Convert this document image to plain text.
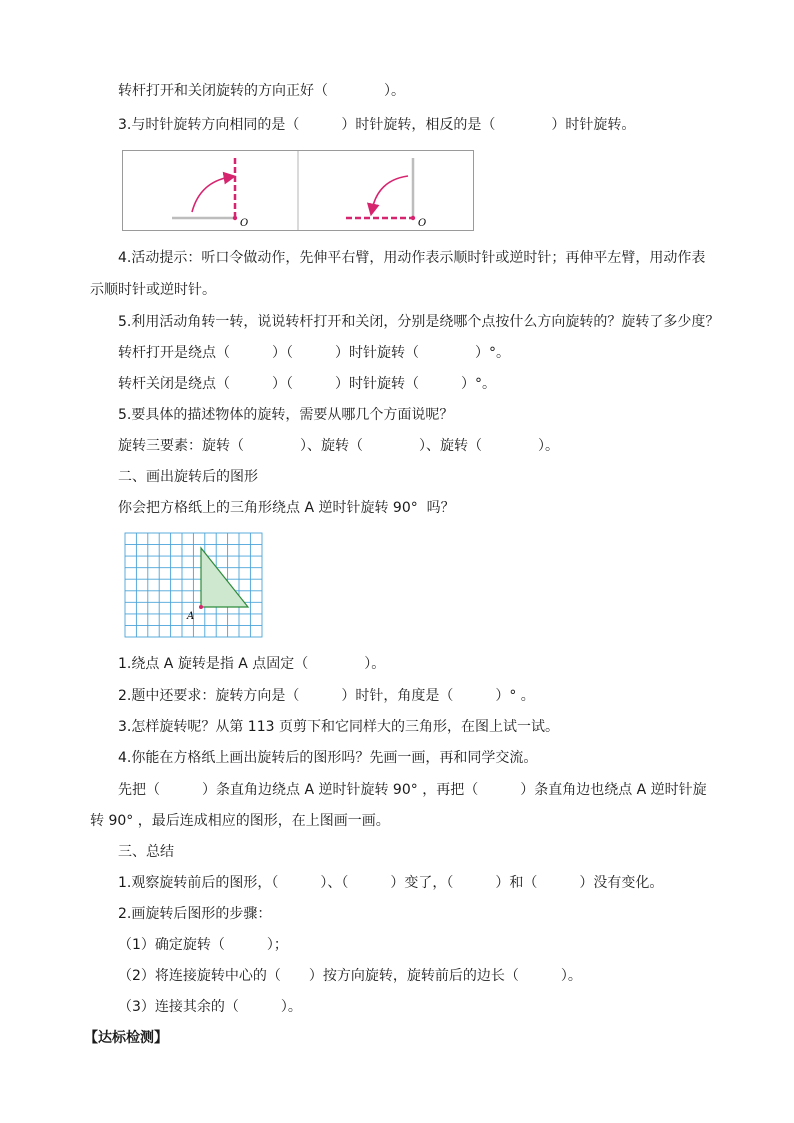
转杆打开和关闭旋转的方向正好（　　　　）。
3.与时针旋转方向相同的是（　　　）时针旋转，相反的是（　　　　）时针旋转。
O	O
4.活动提示：听口令做动作，先伸平右臂，用动作表示顺时针或逆时针；再伸平左臂，用动作表
示顺时针或逆时针。
5.利用活动角转一转，说说转杆打开和关闭，分别是绕哪个点按什么方向旋转的？旋转了多少度？
转杆打开是绕点（　　　）（　　　）时针旋转（　　　　）°。
转杆关闭是绕点（　　　）（　　　）时针旋转（　　　）°。
5.要具体的描述物体的旋转，需要从哪几个方面说呢？
旋转三要素：旋转（　　　　）、旋转（　　　　）、旋转（　　　　）。
二、画出旋转后的图形
你会把方格纸上的三角形绕点 A 逆时针旋转 90°  吗？
A
1.绕点 A 旋转是指 A 点固定（　　　　）。
2.题中还要求：旋转方向是（　　　）时针，角度是（　　　）° 。
3.怎样旋转呢？从第 113 页剪下和它同样大的三角形，在图上试一试。
4.你能在方格纸上画出旋转后的图形吗？先画一画，再和同学交流。
先把（　　　）条直角边绕点 A 逆时针旋转 90° ，再把（　　　）条直角边也绕点 A 逆时针旋
转 90° ，最后连成相应的图形，在上图画一画。
三、总结
1.观察旋转前后的图形，（　　　）、（　　　）变了，（　　　）和（　　　）没有变化。
2.画旋转后图形的步骤：
（1）确定旋转（　　　）；
（2）将连接旋转中心的（　　）按方向旋转，旋转前后的边长（　　　）。
（3）连接其余的（　　　）。
【达标检测】
